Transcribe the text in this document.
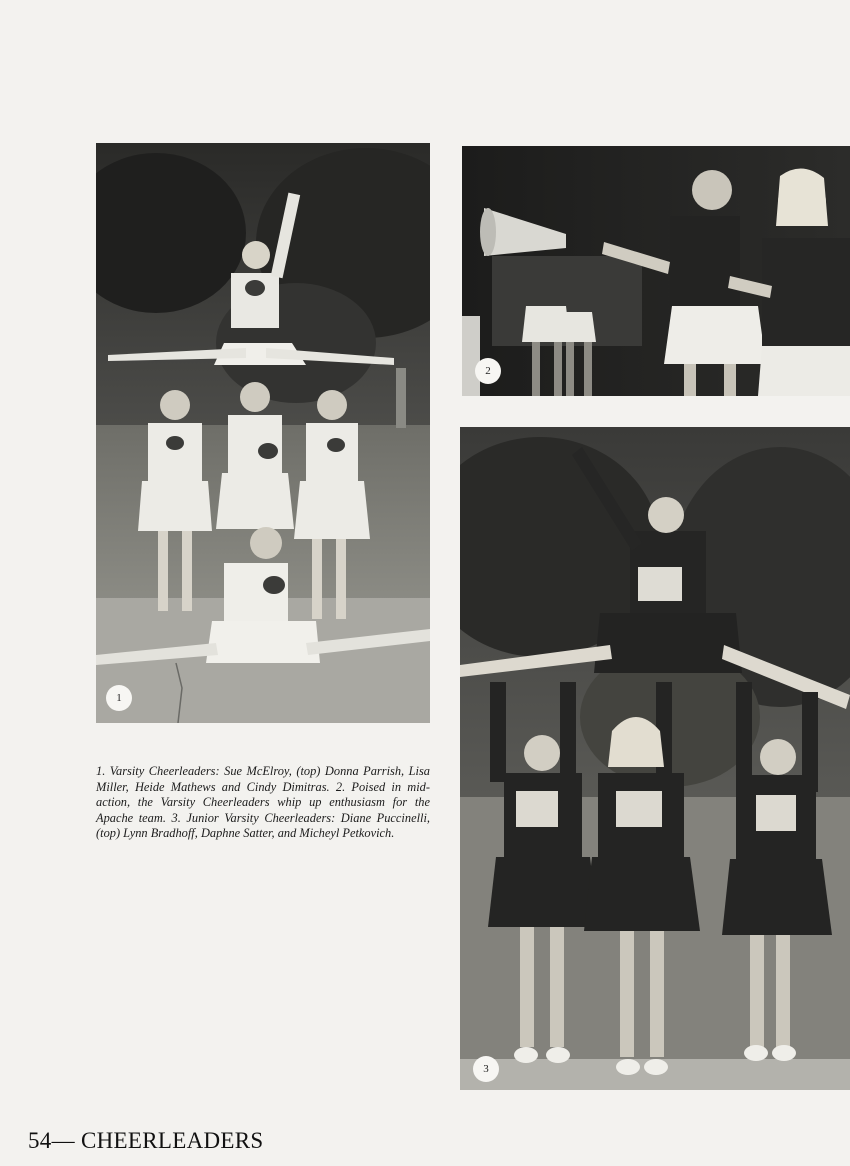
1
2
3

1. Varsity Cheerleaders: Sue McElroy, (top) Donna Parrish, Lisa Miller, Heide Mathews and Cindy Dimitras. 2. Poised in mid-action, the Varsity Cheerleaders whip up enthusiasm for the Apache team. 3. Junior Varsity Cheerleaders: Diane Puccinelli, (top) Lynn Bradhoff, Daphne Satter, and Micheyl Petkovich.

54— CHEERLEADERS
